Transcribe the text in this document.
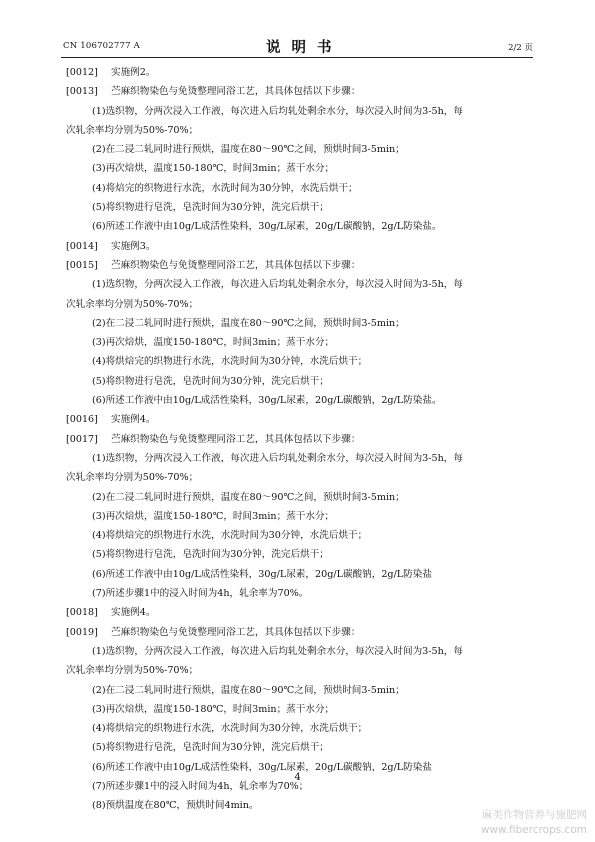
CN 106702777 A	说明书	2/2 页
[0012] 实施例2。
[0013] 苎麻织物染色与免烫整理同浴工艺，其具体包括以下步骤：
(1)选织物，分两次浸入工作液，每次进入后均轧处剩余水分，每次浸入时间为3-5h，每
次轧余率均分别为50%-70%；
(2)在二浸二轧同时进行预烘，温度在80～90℃之间，预烘时间3-5min；
(3)再次焙烘，温度150-180℃，时间3min；蒸干水分；
(4)将焙完的织物进行水洗，水洗时间为30分钟，水洗后烘干；
(5)将织物进行皂洗，皂洗时间为30分钟，洗完后烘干；
(6)所述工作液中由10g/L成活性染料，30g/L尿素，20g/L碳酸钠，2g/L防染盐。
[0014] 实施例3。
[0015] 苎麻织物染色与免烫整理同浴工艺，其具体包括以下步骤：
(1)选织物，分两次浸入工作液，每次进入后均轧处剩余水分，每次浸入时间为3-5h，每
次轧余率均分别为50%-70%；
(2)在二浸二轧同时进行预烘，温度在80～90℃之间，预烘时间3-5min；
(3)再次焙烘，温度150-180℃，时间3min；蒸干水分；
(4)将烘焙完的织物进行水洗，水洗时间为30分钟，水洗后烘干；
(5)将织物进行皂洗，皂洗时间为30分钟，洗完后烘干；
(6)所述工作液中由10g/L成活性染料，30g/L尿素，20g/L碳酸钠，2g/L防染盐。
[0016] 实施例4。
[0017] 苎麻织物染色与免烫整理同浴工艺，其具体包括以下步骤：
(1)选织物，分两次浸入工作液，每次进入后均轧处剩余水分，每次浸入时间为3-5h，每
次轧余率均分别为50%-70%；
(2)在二浸二轧同时进行预烘，温度在80～90℃之间，预烘时间3-5min；
(3)再次焙烘，温度150-180℃，时间3min；蒸干水分；
(4)将烘焙完的织物进行水洗，水洗时间为30分钟，水洗后烘干；
(5)将织物进行皂洗，皂洗时间为30分钟，洗完后烘干；
(6)所述工作液中由10g/L成活性染料，30g/L尿素，20g/L碳酸钠，2g/L防染盐
(7)所述步骤1中的浸入时间为4h，轧余率为70%。
[0018] 实施例4。
[0019] 苎麻织物染色与免烫整理同浴工艺，其具体包括以下步骤：
(1)选织物，分两次浸入工作液，每次进入后均轧处剩余水分，每次浸入时间为3-5h，每
次轧余率均分别为50%-70%；
(2)在二浸二轧同时进行预烘，温度在80～90℃之间，预烘时间3-5min；
(3)再次焙烘，温度150-180℃，时间3min；蒸干水分；
(4)将烘焙完的织物进行水洗，水洗时间为30分钟，水洗后烘干；
(5)将织物进行皂洗，皂洗时间为30分钟，洗完后烘干；
(6)所述工作液中由10g/L成活性染料，30g/L尿素，20g/L碳酸钠，2g/L防染盐
(7)所述步骤1中的浸入时间为4h，轧余率为70%；
(8)预烘温度在80℃，预烘时间4min。
4
麻类作物营养与施肥网
www.fibercrops.com
